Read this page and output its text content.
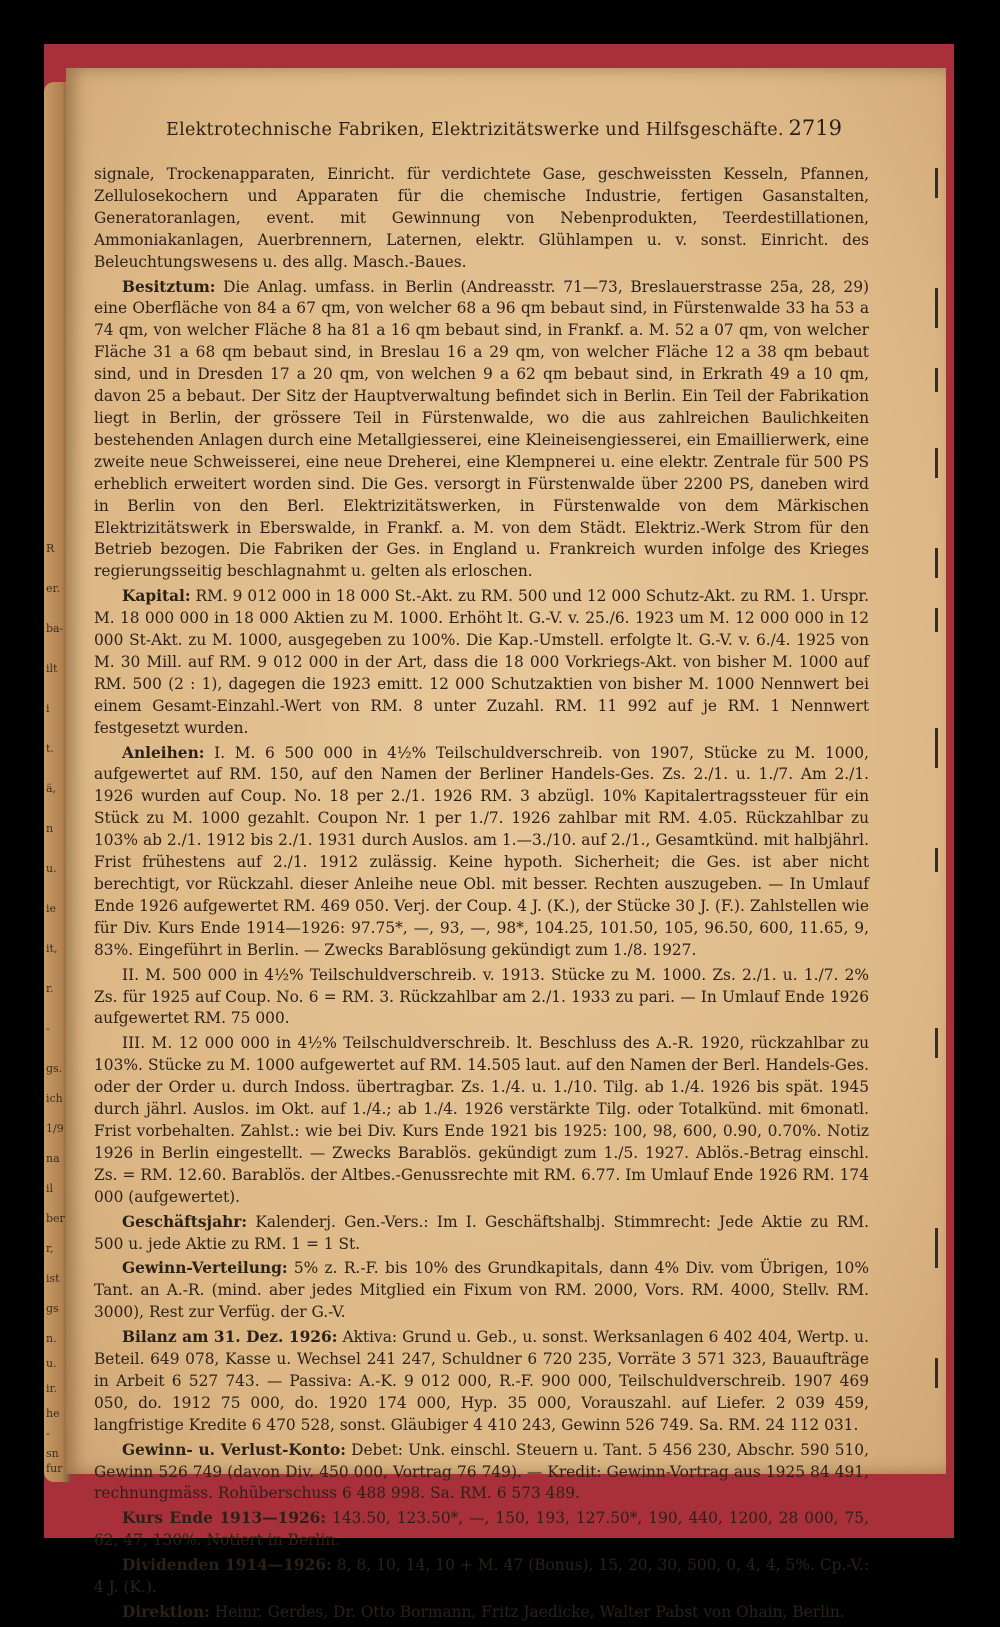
i
t.
ä,
n
u.
ie
it,
r.
-
gs.
ich
1/9
na
il
ber
r,
ist
gs
n.
u.
ir.
he
-
sn
fur
R
er.
ba-
ilt
Elektrotechnische Fabriken, Elektrizitätswerke und Hilfsgeschäfte. 2719

signale, Trockenapparaten, Einricht. für verdichtete Gase, geschweissten Kesseln, Pfannen, Zellulosekochern und Apparaten für die chemische Industrie, fertigen Gasanstalten, Generatoranlagen, event. mit Gewinnung von Nebenprodukten, Teerdestillationen, Ammoniakanlagen, Auerbrennern, Laternen, elektr. Glühlampen u. v. sonst. Einricht. des Beleuchtungswesens u. des allg. Masch.-Baues.

Besitztum: Die Anlag. umfass. in Berlin (Andreasstr. 71—73, Breslauerstrasse 25a, 28, 29) eine Oberfläche von 84 a 67 qm, von welcher 68 a 96 qm bebaut sind, in Fürstenwalde 33 ha 53 a 74 qm, von welcher Fläche 8 ha 81 a 16 qm bebaut sind, in Frankf. a. M. 52 a 07 qm, von welcher Fläche 31 a 68 qm bebaut sind, in Breslau 16 a 29 qm, von welcher Fläche 12 a 38 qm bebaut sind, und in Dresden 17 a 20 qm, von welchen 9 a 62 qm bebaut sind, in Erkrath 49 a 10 qm, davon 25 a bebaut. Der Sitz der Hauptverwaltung befindet sich in Berlin. Ein Teil der Fabrikation liegt in Berlin, der grössere Teil in Fürstenwalde, wo die aus zahlreichen Baulichkeiten bestehenden Anlagen durch eine Metallgiesserei, eine Kleineisengiesserei, ein Emaillierwerk, eine zweite neue Schweisserei, eine neue Dreherei, eine Klempnerei u. eine elektr. Zentrale für 500 PS erheblich erweitert worden sind. Die Ges. versorgt in Fürstenwalde über 2200 PS, daneben wird in Berlin von den Berl. Elektrizitätswerken, in Fürstenwalde von dem Märkischen Elektrizitätswerk in Eberswalde, in Frankf. a. M. von dem Städt. Elektriz.-Werk Strom für den Betrieb bezogen. Die Fabriken der Ges. in England u. Frankreich wurden infolge des Krieges regierungsseitig beschlagnahmt u. gelten als erloschen.

Kapital: RM. 9 012 000 in 18 000 St.-Akt. zu RM. 500 und 12 000 Schutz-Akt. zu RM. 1. Urspr. M. 18 000 000 in 18 000 Aktien zu M. 1000. Erhöht lt. G.-V. v. 25./6. 1923 um M. 12 000 000 in 12 000 St-Akt. zu M. 1000, ausgegeben zu 100%. Die Kap.-Umstell. erfolgte lt. G.-V. v. 6./4. 1925 von M. 30 Mill. auf RM. 9 012 000 in der Art, dass die 18 000 Vorkriegs-Akt. von bisher M. 1000 auf RM. 500 (2 : 1), dagegen die 1923 emitt. 12 000 Schutzaktien von bisher M. 1000 Nennwert bei einem Gesamt-Einzahl.-Wert von RM. 8 unter Zuzahl. RM. 11 992 auf je RM. 1 Nennwert festgesetzt wurden.

Anleihen: I. M. 6 500 000 in 4½% Teilschuldverschreib. von 1907, Stücke zu M. 1000, aufgewertet auf RM. 150, auf den Namen der Berliner Handels-Ges. Zs. 2./1. u. 1./7. Am 2./1. 1926 wurden auf Coup. No. 18 per 2./1. 1926 RM. 3 abzügl. 10% Kapitalertragssteuer für ein Stück zu M. 1000 gezahlt. Coupon Nr. 1 per 1./7. 1926 zahlbar mit RM. 4.05. Rückzahlbar zu 103% ab 2./1. 1912 bis 2./1. 1931 durch Auslos. am 1.—3./10. auf 2./1., Gesamtkünd. mit halbjährl. Frist frühestens auf 2./1. 1912 zulässig. Keine hypoth. Sicherheit; die Ges. ist aber nicht berechtigt, vor Rückzahl. dieser Anleihe neue Obl. mit besser. Rechten auszugeben. — In Umlauf Ende 1926 aufgewertet RM. 469 050. Verj. der Coup. 4 J. (K.), der Stücke 30 J. (F.). Zahlstellen wie für Div. Kurs Ende 1914—1926: 97.75*, —, 93, —, 98*, 104.25, 101.50, 105, 96.50, 600, 11.65, 9, 83%. Eingeführt in Berlin. — Zwecks Barablösung gekündigt zum 1./8. 1927.

II. M. 500 000 in 4½% Teilschuldverschreib. v. 1913. Stücke zu M. 1000. Zs. 2./1. u. 1./7. 2% Zs. für 1925 auf Coup. No. 6 = RM. 3. Rückzahlbar am 2./1. 1933 zu pari. — In Umlauf Ende 1926 aufgewertet RM. 75 000.

III. M. 12 000 000 in 4½% Teilschuldverschreib. lt. Beschluss des A.-R. 1920, rückzahlbar zu 103%. Stücke zu M. 1000 aufgewertet auf RM. 14.505 laut. auf den Namen der Berl. Handels-Ges. oder der Order u. durch Indoss. übertragbar. Zs. 1./4. u. 1./10. Tilg. ab 1./4. 1926 bis spät. 1945 durch jährl. Auslos. im Okt. auf 1./4.; ab 1./4. 1926 verstärkte Tilg. oder Totalkünd. mit 6monatl. Frist vorbehalten. Zahlst.: wie bei Div. Kurs Ende 1921 bis 1925: 100, 98, 600, 0.90, 0.70%. Notiz 1926 in Berlin eingestellt. — Zwecks Barablös. gekündigt zum 1./5. 1927. Ablös.-Betrag einschl. Zs. = RM. 12.60. Barablös. der Altbes.-Genussrechte mit RM. 6.77. Im Umlauf Ende 1926 RM. 174 000 (aufgewertet).

Geschäftsjahr: Kalenderj. Gen.-Vers.: Im I. Geschäftshalbj. Stimmrecht: Jede Aktie zu RM. 500 u. jede Aktie zu RM. 1 = 1 St.

Gewinn-Verteilung: 5% z. R.-F. bis 10% des Grundkapitals, dann 4% Div. vom Übrigen, 10% Tant. an A.-R. (mind. aber jedes Mitglied ein Fixum von RM. 2000, Vors. RM. 4000, Stellv. RM. 3000), Rest zur Verfüg. der G.-V.

Bilanz am 31. Dez. 1926: Aktiva: Grund u. Geb., u. sonst. Werksanlagen 6 402 404, Wertp. u. Beteil. 649 078, Kasse u. Wechsel 241 247, Schuldner 6 720 235, Vorräte 3 571 323, Bauaufträge in Arbeit 6 527 743. — Passiva: A.-K. 9 012 000, R.-F. 900 000, Teilschuldverschreib. 1907 469 050, do. 1912 75 000, do. 1920 174 000, Hyp. 35 000, Vorauszahl. auf Liefer. 2 039 459, langfristige Kredite 6 470 528, sonst. Gläubiger 4 410 243, Gewinn 526 749. Sa. RM. 24 112 031.

Gewinn- u. Verlust-Konto: Debet: Unk. einschl. Steuern u. Tant. 5 456 230, Abschr. 590 510, Gewinn 526 749 (davon Div. 450 000, Vortrag 76 749). — Kredit: Gewinn-Vortrag aus 1925 84 491, rechnungmäss. Rohüberschuss 6 488 998. Sa. RM. 6 573 489.

Kurs Ende 1913—1926: 143.50, 123.50*, —, 150, 193, 127.50*, 190, 440, 1200, 28 000, 75, 62, 47, 130%. Notiert in Berlin.

Dividenden 1914—1926: 8, 8, 10, 14, 10 + M. 47 (Bonus), 15, 20, 30, 500, 0, 4, 4, 5%. Cp.-V.: 4 J. (K.).

Direktion: Heinr. Gerdes, Dr. Otto Bormann, Fritz Jaedicke, Walter Pabst von Ohain, Berlin.
